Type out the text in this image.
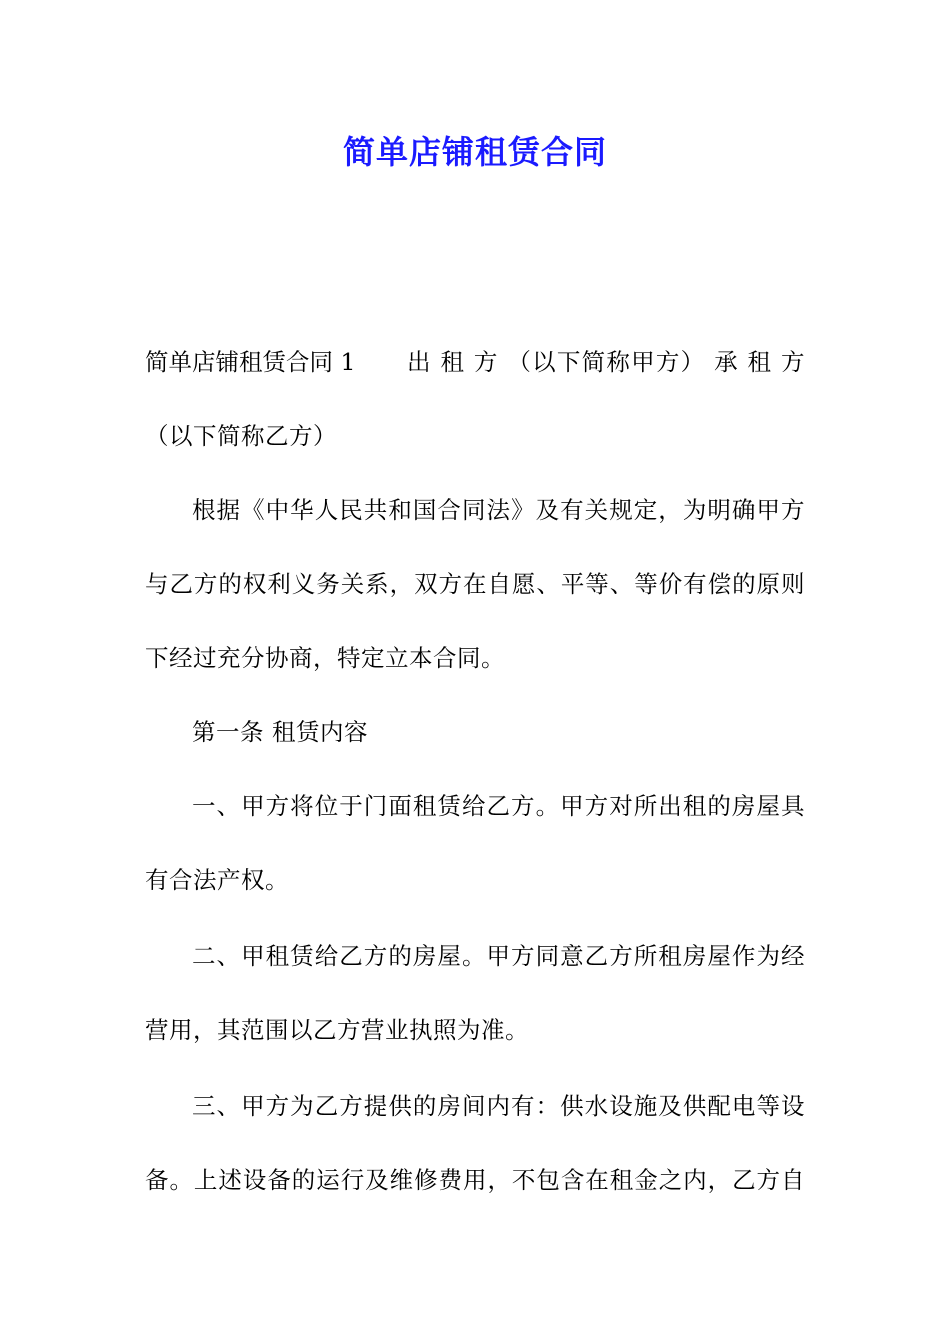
简单店铺租赁合同
简单店铺租赁合同 1 出 租 方 （以下简称甲方） 承 租 方
（以下简称乙方）
根据《中华人民共和国合同法》及有关规定，为明确甲方
与乙方的权利义务关系，双方在自愿、平等、等价有偿的原则
下经过充分协商，特定立本合同。
第一条 租赁内容
一、甲方将位于门面租赁给乙方。甲方对所出租的房屋具
有合法产权。
二、甲租赁给乙方的房屋。甲方同意乙方所租房屋作为经
营用，其范围以乙方营业执照为准。
三、甲方为乙方提供的房间内有：供水设施及供配电等设
备。上述设备的运行及维修费用，不包含在租金之内，乙方自
